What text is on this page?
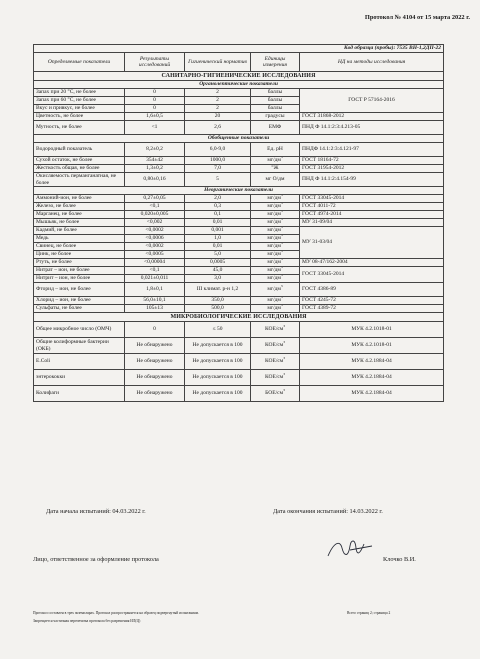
Протокол № 4104 от 15 марта 2022 г.
Код образца (пробы): 7535 ВН-1,2ДП-22				
Определяемые показатели	Результаты исследований	Гигиенический норматив	Единицы измерения	НД на методы исследования
САНИТАРНО-ГИГИЕНИЧЕСКИЕ ИССЛЕДОВАНИЯ				
Органолептические показатели				
Запах при 20 °С, не более	0	2	баллы	ГОСТ Р 57164-2016
Запах при 60 °С, не более	0	2	баллы	
Вкус и привкус, не более	0	2	баллы	
Цветность, не более	1,6±0,5	20	градусы	ГОСТ 31868-2012
Мутность, не более	<1	2,6	ЕМФ	ПНД Ф 14.1:2:3:4.213-05
Обобщенные показатели				
Водородный показатель	8,2±0,2	6,0-9,0	Ед. рН	ПНДФ 14.1:2:3:4.121-97
Сухой остаток, не более	354±42	1000,0	$мг/дм^3$	ГОСТ 18164-72
Жесткость общая, не более	1,3±0,2	7,0	°Ж	ГОСТ 31954-2012
Окисляемость перманганатная, не более	0,80±0,16	5	мг О/дм	ПНД Ф 14.1:2:4.154-99
Неорганические показатели				
Аммоний-ион, не более	0,27±0,05	2,0	$мг/дм^3$	ГОСТ 33045-2014
Железо, не более	<0,1	0,3	$мг/дм^3$	ГОСТ 4011-72
Марганец, не более	0,020±0,005	0,1	$мг/дм^3$	ГОСТ 4974-2014
Мышьяк, не более	<0,002	0,01	$мг/дм^3$	МУ 31-09/04
Кадмий, не более	<0,0002	0,001	$мг/дм^3$	МУ 31-03/04
Медь	<0,0006	1,0	$мг/дм^3$
Свинец, не более	<0,0002	0,01	$мг/дм^3$
Цинк, не более	<0,0005	5,0	$мг/дм^3$
Ртуть, не более	<0,00004	0,0005	$мг/дм^3$	МУ 08-47/162-2004
Нитрат – ион, не более	<0,1	45,0	$мг/дм^3$	ГОСТ 33045-2014
Нитрит – ион, не более	0,021±0,011	3,0	$мг/дм^3$
Фторид – ион, не более	1,8±0,1	III климат. р-н 1,2	$мг/дм^3$	ГОСТ 4386-89
Хлорид – ион, не более	56,0±10,1	350,0	$мг/дм^3$	ГОСТ 4245-72
Сульфаты, не более	105±13	500,0	$мг/дм^3$	ГОСТ 4389-72
МИКРОБИОЛОГИЧЕСКИЕ ИССЛЕДОВАНИЯ				
Общее микробное число (ОМЧ)	0	≤ 50	КОЕ/$см^3$	МУК 4.2.1018-01
Общие колиформные бактерии (ОКБ)	Не обнаружено	Не допускается в 100	КОЕ/$см^3$	МУК 4.2.1018-01
E.Coli	Не обнаружено	Не допускается в 100	КОЕ/$см^3$	МУК 4.2.1884-04
энтерококки	Не обнаружено	Не допускается в 100	КОЕ/$см^3$	МУК 4.2.1884-04
Колифаги	Не обнаружено	Не допускается в 100	БОЕ/$см^3$	МУК 4.2.1884-04
Дата начала испытаний: 04.03.2022 г.	Дата окончания испытаний: 14.03.2022 г.
Лицо, ответственное за оформление протокола	Клочко В.И.
Протокол составлен в трех экземплярах. Протокол распространяется на образец подвергнутый испытаниям.
Запрещается частичная перепечатка протокола без разрешения ИЛ(Ц)
Всего страниц 2; страница 2
